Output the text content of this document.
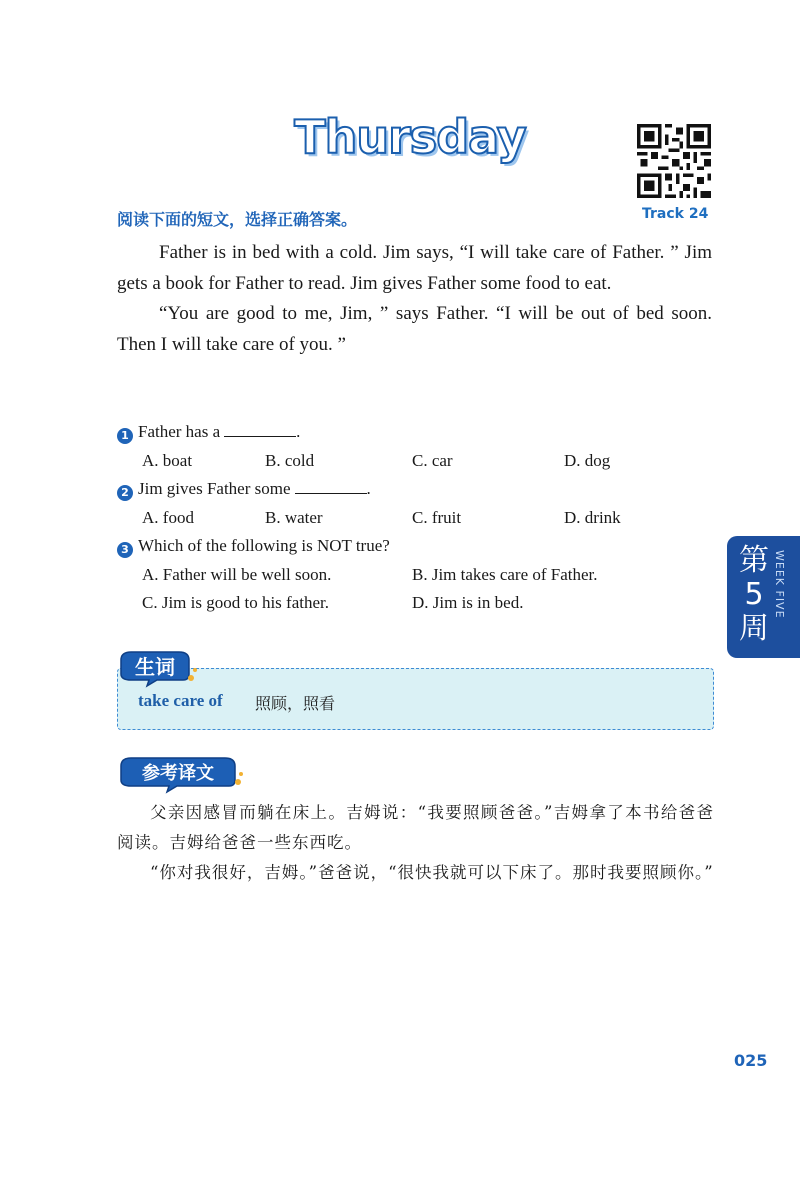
Thursday
Track 24
阅读下面的短文，选择正确答案。

Father is in bed with a cold. Jim says, “I will take care of Father. ” Jim gets a book for Father to read. Jim gives Father some food to eat.

“You are good to me, Jim, ” says Father. “I will be out of bed soon. Then I will take care of you. ”

1 Father has a	.
A. boat	B. cold	C. car	D. dog
2 Jim gives Father some	.
A. food	B. water	C. fruit	D. drink
3 Which of the following is NOT true?
A. Father will be well soon.	B. Jim takes care of Father.
C. Jim is good to his father.	D. Jim is in bed.
take care of 照顾，照看
生词
参考译文

父亲因感冒而躺在床上。吉姆说：“我要照顾爸爸。”吉姆拿了本书给爸爸阅读。吉姆给爸爸一些东西吃。

“你对我很好，吉姆。”爸爸说，“很快我就可以下床了。那时我要照顾你。”

第5周
WEEK FIVE
025
